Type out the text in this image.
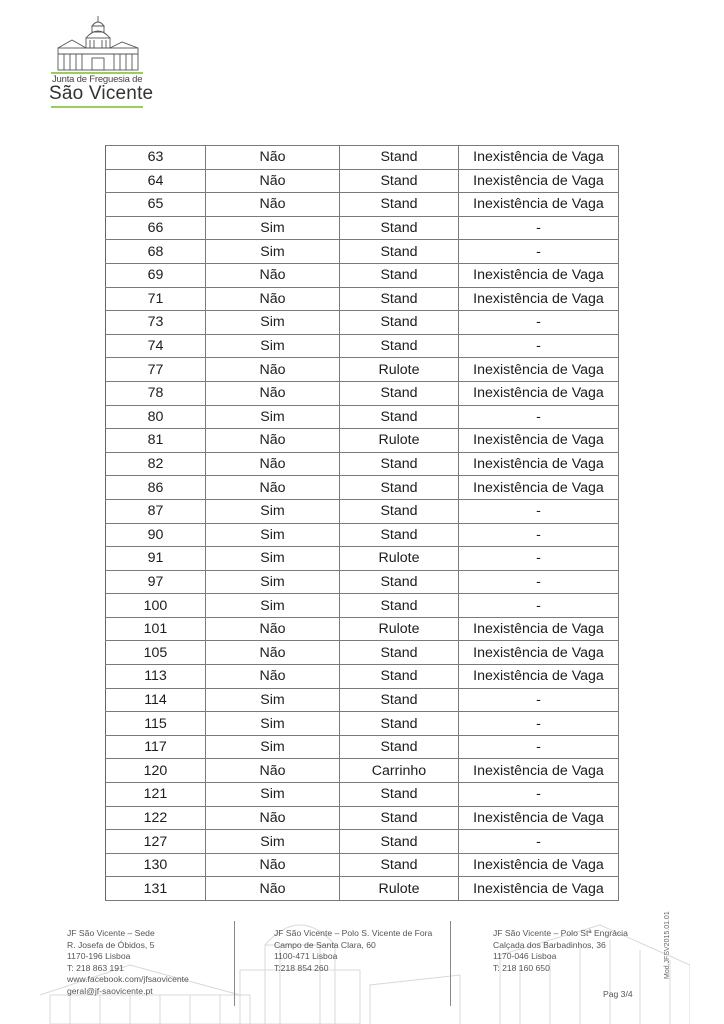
Junta de Freguesia de
São Vicente
63	Não	Stand	Inexistência de Vaga
64	Não	Stand	Inexistência de Vaga
65	Não	Stand	Inexistência de Vaga
66	Sim	Stand	-
68	Sim	Stand	-
69	Não	Stand	Inexistência de Vaga
71	Não	Stand	Inexistência de Vaga
73	Sim	Stand	-
74	Sim	Stand	-
77	Não	Rulote	Inexistência de Vaga
78	Não	Stand	Inexistência de Vaga
80	Sim	Stand	-
81	Não	Rulote	Inexistência de Vaga
82	Não	Stand	Inexistência de Vaga
86	Não	Stand	Inexistência de Vaga
87	Sim	Stand	-
90	Sim	Stand	-
91	Sim	Rulote	-
97	Sim	Stand	-
100	Sim	Stand	-
101	Não	Rulote	Inexistência de Vaga
105	Não	Stand	Inexistência de Vaga
113	Não	Stand	Inexistência de Vaga
114	Sim	Stand	-
115	Sim	Stand	-
117	Sim	Stand	-
120	Não	Carrinho	Inexistência de Vaga
121	Sim	Stand	-
122	Não	Stand	Inexistência de Vaga
127	Sim	Stand	-
130	Não	Stand	Inexistência de Vaga
131	Não	Rulote	Inexistência de Vaga
JF São Vicente – Sede
R. Josefa de Óbidos, 5
1170-196 Lisboa
T: 218 863 191
www.facebook.com/jfsaovicente
geral@jf-saovicente.pt
JF São Vicente – Polo S. Vicente de Fora
Campo de Santa Clara, 60
1100-471 Lisboa
T:218 854 260
JF São Vicente – Polo Stª Engrácia
Calçada dos Barbadinhos, 36
1170-046 Lisboa
T: 218 160 650
Pag 3/4
Mod.JFSV2015.01.01
